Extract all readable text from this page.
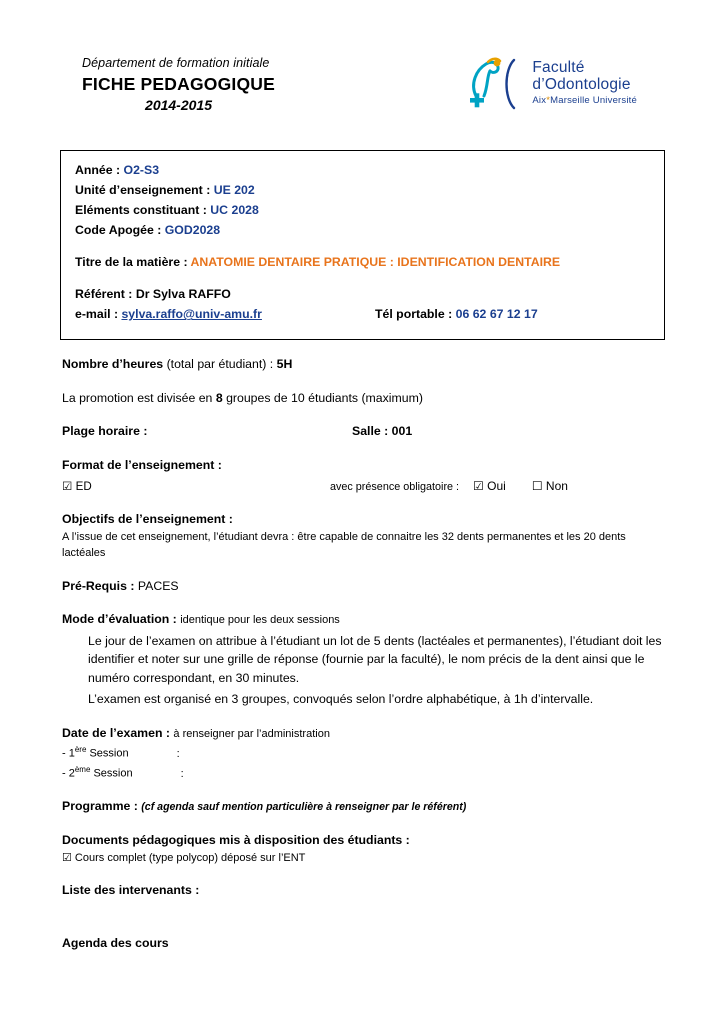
Département de formation initiale

FICHE PEDAGOGIQUE

2014-2015

Faculté
d’Odontologie
Aix*Marseille Université

Année : O2-S3

Unité d’enseignement : UE 202

Eléments constituant : UC 2028

Code Apogée : GOD2028

Titre de la matière : ANATOMIE DENTAIRE PRATIQUE : IDENTIFICATION DENTAIRE

Référent : Dr Sylva RAFFO

e-mail : sylva.raffo@univ-amu.fr	Tél portable : 06 62 67 12 17
Nombre d’heures (total par étudiant) : 5H
La promotion est divisée en 8 groupes de 10 étudiants (maximum)
Plage horaire :	Salle : 001
Format de l’enseignement :
☑ ED	avec présence obligatoire : ☑ Oui ☐ Non
Objectifs de l’enseignement :
A l’issue de cet enseignement, l’étudiant devra : être capable de connaitre les 32 dents permanentes et les 20 dents lactéales
Pré-Requis : PACES
Mode d’évaluation : identique pour les deux sessions
Le jour de l’examen on attribue à l’étudiant un lot de 5 dents (lactéales et permanentes), l’étudiant doit les identifier et noter sur une grille de réponse (fournie par la faculté), le nom précis de la dent ainsi que le numéro correspondant, en 30 minutes.
L’examen est organisé en 3 groupes, convoqués selon l’ordre alphabétique, à 1h d’intervalle.
Date de l’examen : à renseigner par l’administration
- 1ère Session	:
- 2ème Session	:
Programme : (cf agenda sauf mention particulière à renseigner par le référent)
Documents pédagogiques mis à disposition des étudiants :
☑ Cours complet (type polycop) déposé sur l’ENT
Liste des intervenants :
Agenda des cours
